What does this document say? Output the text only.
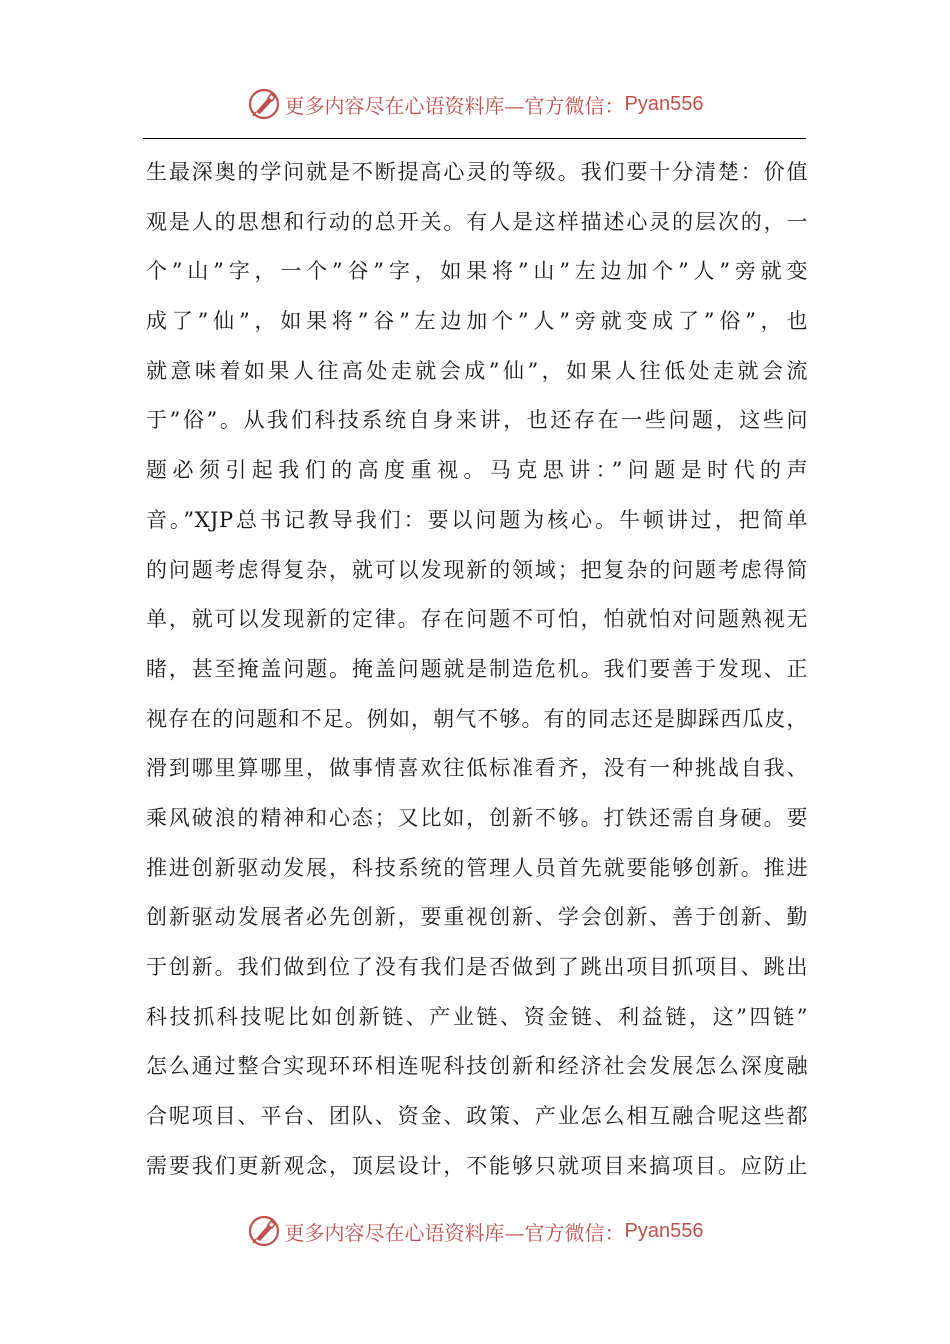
更多内容尽在心语资料库—官方微信： Pyan556
生最深奥的学问就是不断提高心灵的等级。我们要十分清楚：价值
观是人的思想和行动的总开关。有人是这样描述心灵的层次的，一
个”山”字，一个”谷”字，如果将”山”左边加个”人”旁就变
成了”仙”，如果将”谷”左边加个”人”旁就变成了”俗”，也
就意味着如果人往高处走就会成”仙”，如果人往低处走就会流
于”俗”。从我们科技系统自身来讲，也还存在一些问题，这些问
题必须引起我们的高度重视。马克思讲：”问题是时代的声
音。”XJP总书记教导我们：要以问题为核心。牛顿讲过，把简单
的问题考虑得复杂，就可以发现新的领域；把复杂的问题考虑得简
单，就可以发现新的定律。存在问题不可怕，怕就怕对问题熟视无
睹，甚至掩盖问题。掩盖问题就是制造危机。我们要善于发现、正
视存在的问题和不足。例如，朝气不够。有的同志还是脚踩西瓜皮，
滑到哪里算哪里，做事情喜欢往低标准看齐，没有一种挑战自我、
乘风破浪的精神和心态；又比如，创新不够。打铁还需自身硬。要
推进创新驱动发展，科技系统的管理人员首先就要能够创新。推进
创新驱动发展者必先创新，要重视创新、学会创新、善于创新、勤
于创新。我们做到位了没有我们是否做到了跳出项目抓项目、跳出
科技抓科技呢比如创新链、产业链、资金链、利益链，这”四链”
怎么通过整合实现环环相连呢科技创新和经济社会发展怎么深度融
合呢项目、平台、团队、资金、政策、产业怎么相互融合呢这些都
需要我们更新观念，顶层设计，不能够只就项目来搞项目。应防止
更多内容尽在心语资料库—官方微信： Pyan556
